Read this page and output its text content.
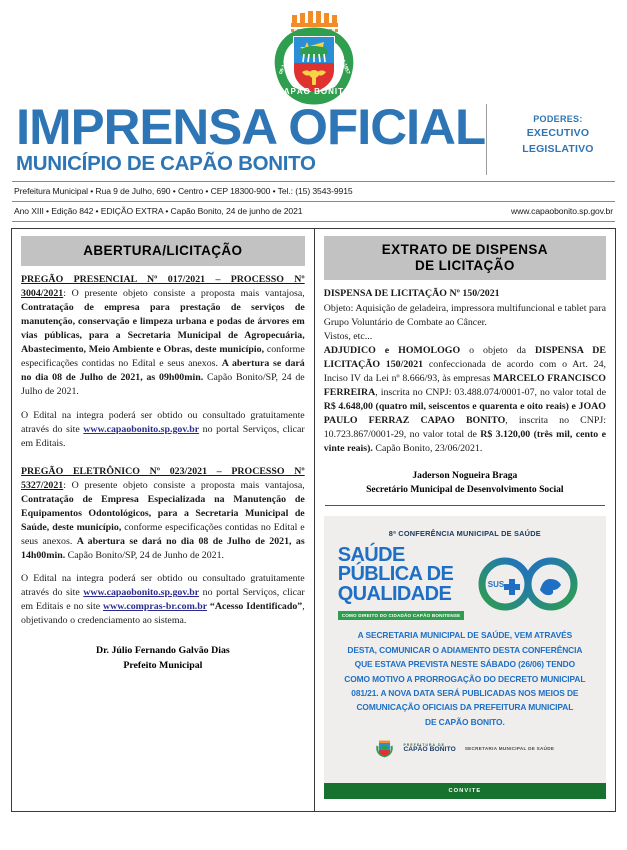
CAPÃO BONITO
08-1-1857	14-4-1857
IMPRENSA OFICIAL
MUNICÍPIO DE CAPÃO BONITO
PODERES:
EXECUTIVO
LEGISLATIVO
Prefeitura Municipal • Rua 9 de Julho, 690 • Centro • CEP 18300-900 • Tel.: (15) 3543-9915
Ano XIII • Edição 842 • EDIÇÃO EXTRA • Capão Bonito, 24 de junho de 2021	www.capaobonito.sp.gov.br
ABERTURA/LICITAÇÃO

PREGÃO PRESENCIAL Nº 017/2021 – PROCESSO Nº 3004/2021: O presente objeto consiste a proposta mais vantajosa, Contratação de empresa para prestação de serviços de manutenção, conservação e limpeza urbana e podas de árvores em vias públicas, para a Secretaria Municipal de Agropecuária, Abastecimento, Meio Ambiente e Obras, deste município, conforme especificações contidas no Edital e seus anexos. A abertura se dará no dia 08 de Julho de 2021, as 09h00min. Capão Bonito/SP, 24 de Julho de 2021.

O Edital na integra poderá ser obtido ou consultado gratuitamente através do site www.capaobonito.sp.gov.br no portal Serviços, clicar em Editais.

PREGÃO ELETRÔNICO Nº 023/2021 – PROCESSO Nº 5327/2021: O presente objeto consiste a proposta mais vantajosa, Contratação de Empresa Especializada na Manutenção de Equipamentos Odontológicos, para a Secretaria Municipal de Saúde, deste município, conforme especificações contidas no Edital e seus anexos. A abertura se dará no dia 08 de Julho de 2021, as 14h00min. Capão Bonito/SP, 24 de Junho de 2021.

O Edital na integra poderá ser obtido ou consultado gratuitamente através do site www.capaobonito.sp.gov.br no portal Serviços, clicar em Editais e no site www.compras-br.com.br “Acesso Identificado”, objetivando o credenciamento ao sistema.

Dr. Júlio Fernando Galvão Dias
Prefeito Municipal
EXTRATO DE DISPENSA
DE LICITAÇÃO

DISPENSA DE LICITAÇÃO Nº 150/2021

Objeto: Aquisição de geladeira, impressora multifuncional e tablet para Grupo Voluntário de Combate ao Câncer.

Vistos, etc...

ADJUDICO e HOMOLOGO o objeto da DISPENSA DE LICITAÇÃO 150/2021 confeccionada de acordo com o Art. 24, Inciso IV da Lei nº 8.666/93, às empresas MARCELO FRANCISCO FERREIRA, inscrita no CNPJ: 03.488.074/0001-07, no valor total de R$ 4.648,00 (quatro mil, seiscentos e quarenta e oito reais) e JOAO PAULO FERRAZ CAPAO BONITO, inscrita no CNPJ: 10.723.867/0001-29, no valor total de R$ 3.120,00 (três mil, cento e vinte reais). Capão Bonito, 23/06/2021.

Jaderson Nogueira Braga
Secretário Municipal de Desenvolvimento Social
8ª CONFERÊNCIA MUNICIPAL DE SAÚDE
SAÚDE
PÚBLICA DE
QUALIDADE
COMO DIREITO DO CIDADÃO CAPÃO BONITENSE
SUS
A SECRETARIA MUNICIPAL DE SAÚDE, VEM ATRAVÉS
DESTA, COMUNICAR O ADIAMENTO DESTA CONFERÊNCIA
QUE ESTAVA PREVISTA NESTE SÁBADO (26/06) TENDO
COMO MOTIVO A PRORROGAÇÃO DO DECRETO MUNICIPAL
081/21. A NOVA DATA SERÁ PUBLICADAS NOS MEIOS DE
COMUNICAÇÃO OFICIAIS DA PREFEITURA MUNICIPAL
DE CAPÃO BONITO.
PREFEITURA DE
CAPÃO BONITO SECRETARIA MUNICIPAL DE SAÚDE
CONVITE
